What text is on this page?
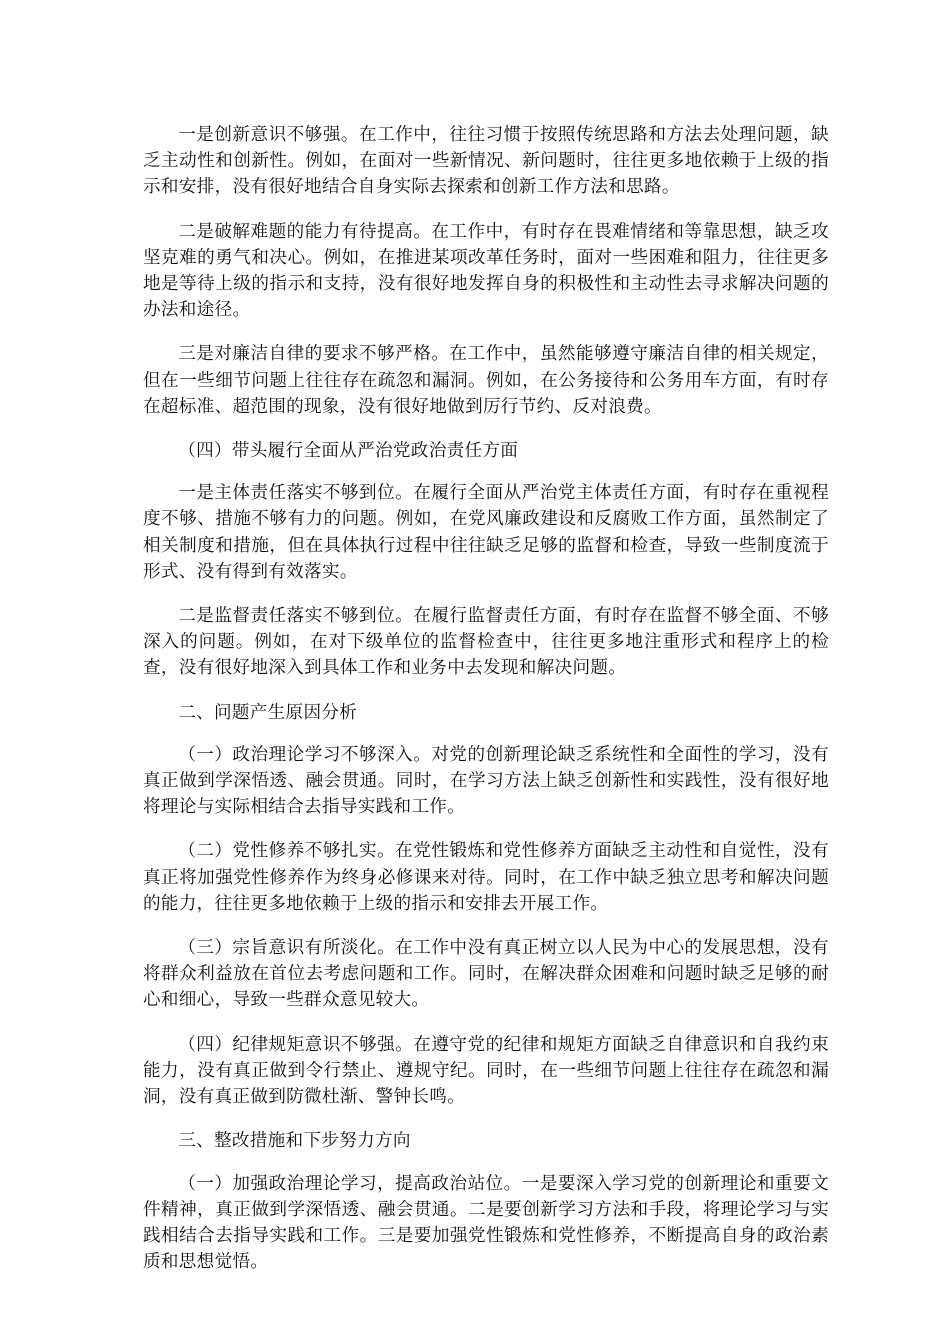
一是创新意识不够强。在工作中，往往习惯于按照传统思路和方法去处理问题，缺乏主动性和创新性。例如，在面对一些新情况、新问题时，往往更多地依赖于上级的指示和安排，没有很好地结合自身实际去探索和创新工作方法和思路。

二是破解难题的能力有待提高。在工作中，有时存在畏难情绪和等靠思想，缺乏攻坚克难的勇气和决心。例如，在推进某项改革任务时，面对一些困难和阻力，往往更多地是等待上级的指示和支持，没有很好地发挥自身的积极性和主动性去寻求解决问题的办法和途径。

三是对廉洁自律的要求不够严格。在工作中，虽然能够遵守廉洁自律的相关规定，但在一些细节问题上往往存在疏忽和漏洞。例如，在公务接待和公务用车方面，有时存在超标准、超范围的现象，没有很好地做到厉行节约、反对浪费。

（四）带头履行全面从严治党政治责任方面

一是主体责任落实不够到位。在履行全面从严治党主体责任方面，有时存在重视程度不够、措施不够有力的问题。例如，在党风廉政建设和反腐败工作方面，虽然制定了相关制度和措施，但在具体执行过程中往往缺乏足够的监督和检查，导致一些制度流于形式、没有得到有效落实。

二是监督责任落实不够到位。在履行监督责任方面，有时存在监督不够全面、不够深入的问题。例如，在对下级单位的监督检查中，往往更多地注重形式和程序上的检查，没有很好地深入到具体工作和业务中去发现和解决问题。

二、问题产生原因分析

（一）政治理论学习不够深入。对党的创新理论缺乏系统性和全面性的学习，没有真正做到学深悟透、融会贯通。同时，在学习方法上缺乏创新性和实践性，没有很好地将理论与实际相结合去指导实践和工作。

（二）党性修养不够扎实。在党性锻炼和党性修养方面缺乏主动性和自觉性，没有真正将加强党性修养作为终身必修课来对待。同时，在工作中缺乏独立思考和解决问题的能力，往往更多地依赖于上级的指示和安排去开展工作。

（三）宗旨意识有所淡化。在工作中没有真正树立以人民为中心的发展思想，没有将群众利益放在首位去考虑问题和工作。同时，在解决群众困难和问题时缺乏足够的耐心和细心，导致一些群众意见较大。

（四）纪律规矩意识不够强。在遵守党的纪律和规矩方面缺乏自律意识和自我约束能力，没有真正做到令行禁止、遵规守纪。同时，在一些细节问题上往往存在疏忽和漏洞，没有真正做到防微杜渐、警钟长鸣。

三、整改措施和下步努力方向

（一）加强政治理论学习，提高政治站位。一是要深入学习党的创新理论和重要文件精神，真正做到学深悟透、融会贯通。二是要创新学习方法和手段，将理论学习与实践相结合去指导实践和工作。三是要加强党性锻炼和党性修养，不断提高自身的政治素质和思想觉悟。
